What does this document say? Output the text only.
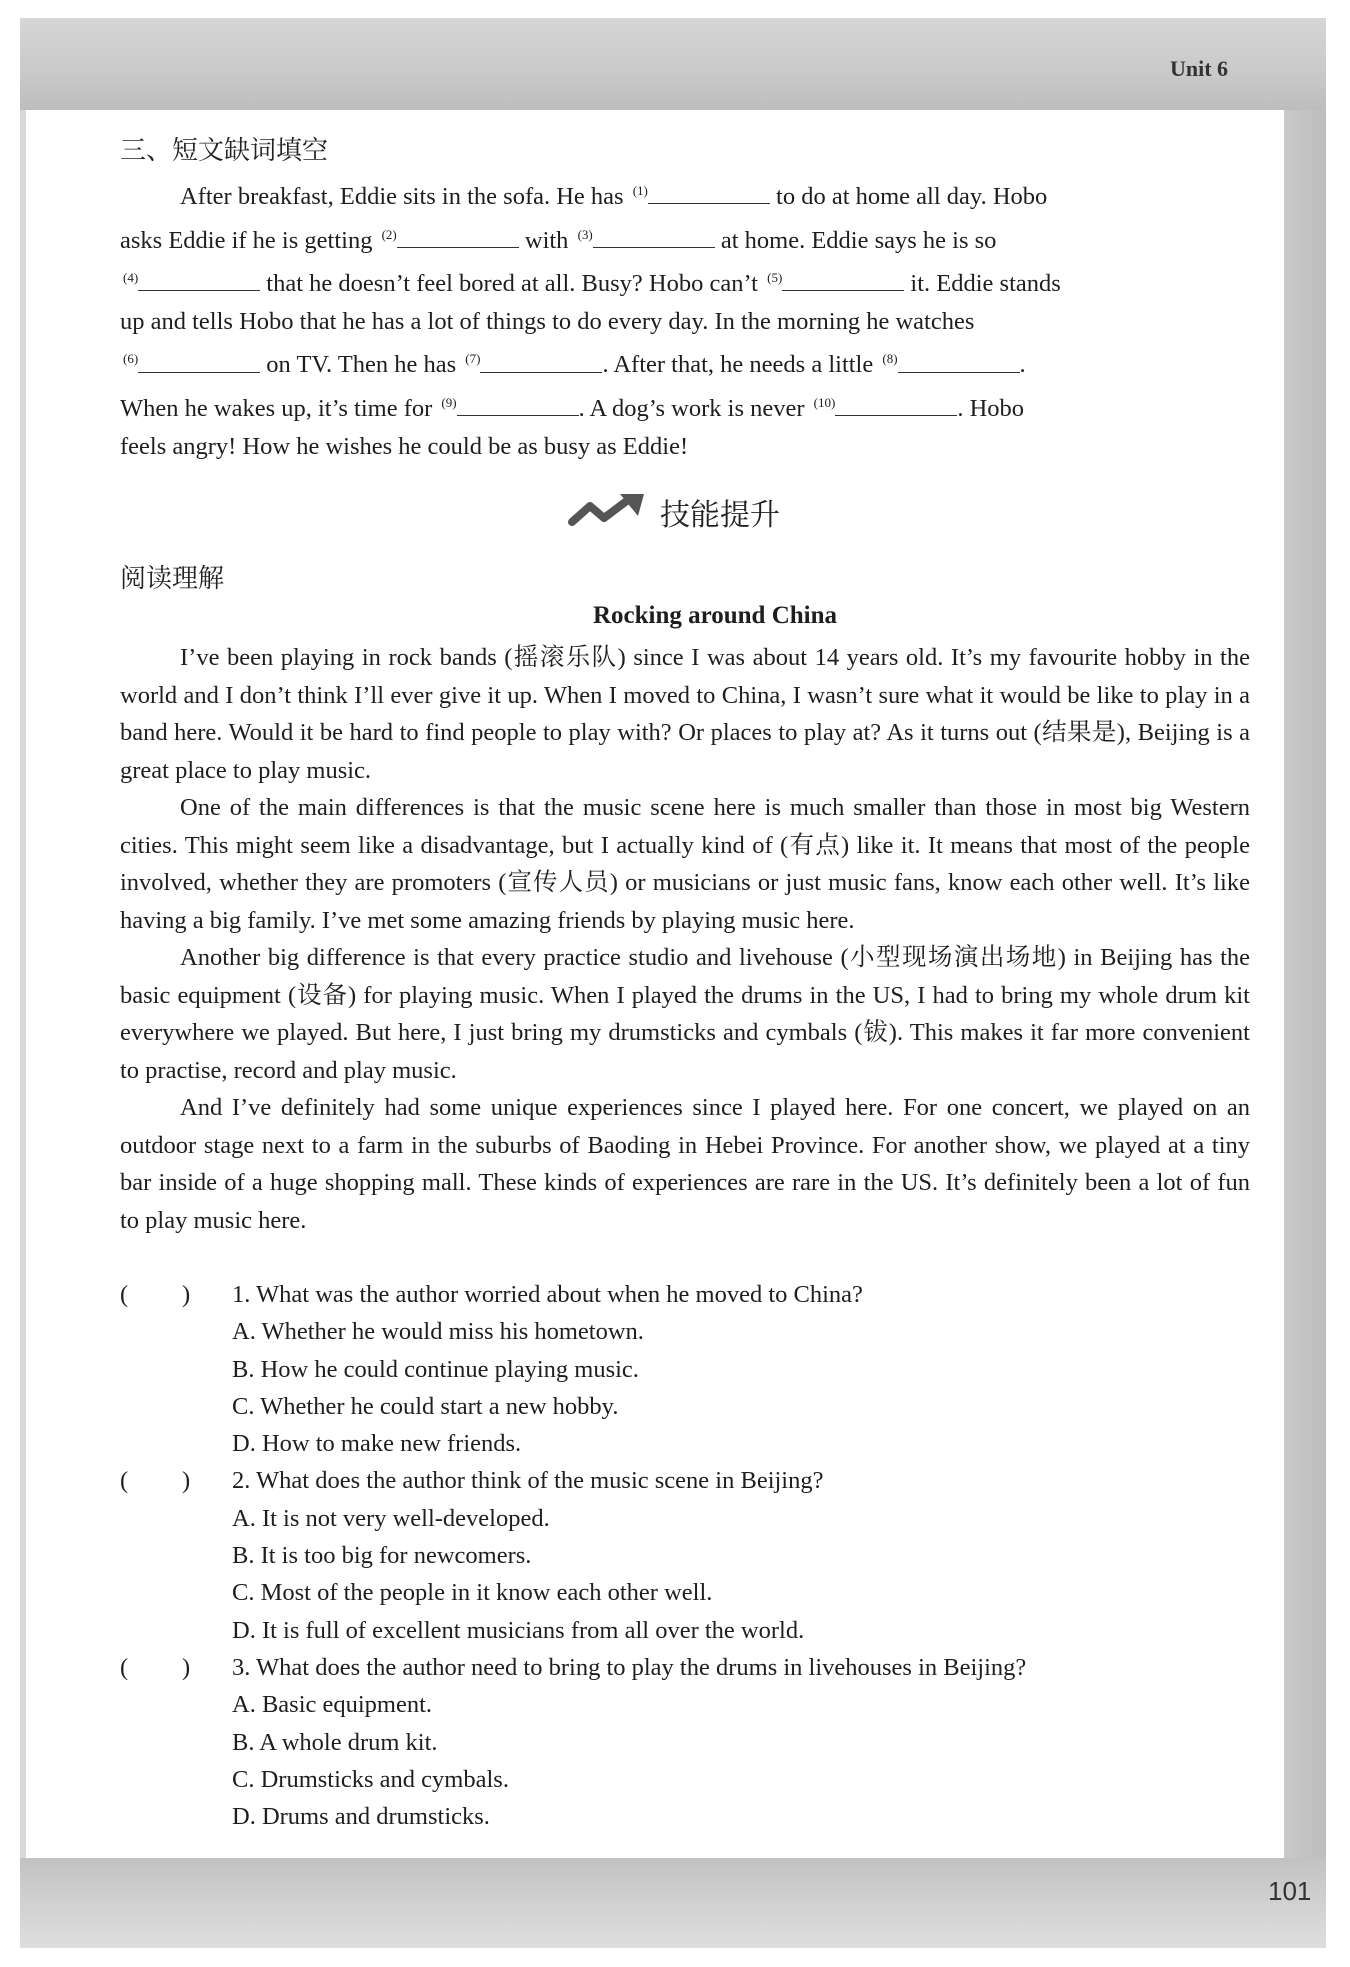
Unit 6
三、短文缺词填空
After breakfast, Eddie sits in the sofa. He has $^{(1)}$	to do at home all day. Hobo
asks Eddie if he is getting $^{(2)}$	with $^{(3)}$	at home. Eddie says he is so
$^{(4)}$	that he doesn’t feel bored at all. Busy? Hobo can’t $^{(5)}$	it. Eddie stands
up and tells Hobo that he has a lot of things to do every day. In the morning he watches
$^{(6)}$	on TV. Then he has $^{(7)}$	. After that, he needs a little $^{(8)}$	.
When he wakes up, it’s time for $^{(9)}$	. A dog’s work is never $^{(10)}$	. Hobo
feels angry! How he wishes he could be as busy as Eddie!
技能提升
阅读理解
Rocking around China

I’ve been playing in rock bands (摇滚乐队) since I was about 14 years old. It’s my favourite hobby in the world and I don’t think I’ll ever give it up. When I moved to China, I wasn’t sure what it would be like to play in a band here. Would it be hard to find people to play with? Or places to play at? As it turns out (结果是), Beijing is a great place to play music.

One of the main differences is that the music scene here is much smaller than those in most big Western cities. This might seem like a disadvantage, but I actually kind of (有点) like it. It means that most of the people involved, whether they are promoters (宣传人员) or musicians or just music fans, know each other well. It’s like having a big family. I’ve met some amazing friends by playing music here.

Another big difference is that every practice studio and livehouse (小型现场演出场地) in Beijing has the basic equipment (设备) for playing music. When I played the drums in the US, I had to bring my whole drum kit everywhere we played. But here, I just bring my drumsticks and cymbals (钹). This makes it far more convenient to practise, record and play music.

And I’ve definitely had some unique experiences since I played here. For one concert, we played on an outdoor stage next to a farm in the suburbs of Baoding in Hebei Province. For another show, we played at a tiny bar inside of a huge shopping mall. These kinds of experiences are rare in the US. It’s definitely been a lot of fun to play music here.

( ) 1. What was the author worried about when he moved to China?
A. Whether he would miss his hometown.
B. How he could continue playing music.
C. Whether he could start a new hobby.
D. How to make new friends.
( ) 2. What does the author think of the music scene in Beijing?
A. It is not very well-developed.
B. It is too big for newcomers.
C. Most of the people in it know each other well.
D. It is full of excellent musicians from all over the world.
( ) 3. What does the author need to bring to play the drums in livehouses in Beijing?
A. Basic equipment.
B. A whole drum kit.
C. Drumsticks and cymbals.
D. Drums and drumsticks.
101
